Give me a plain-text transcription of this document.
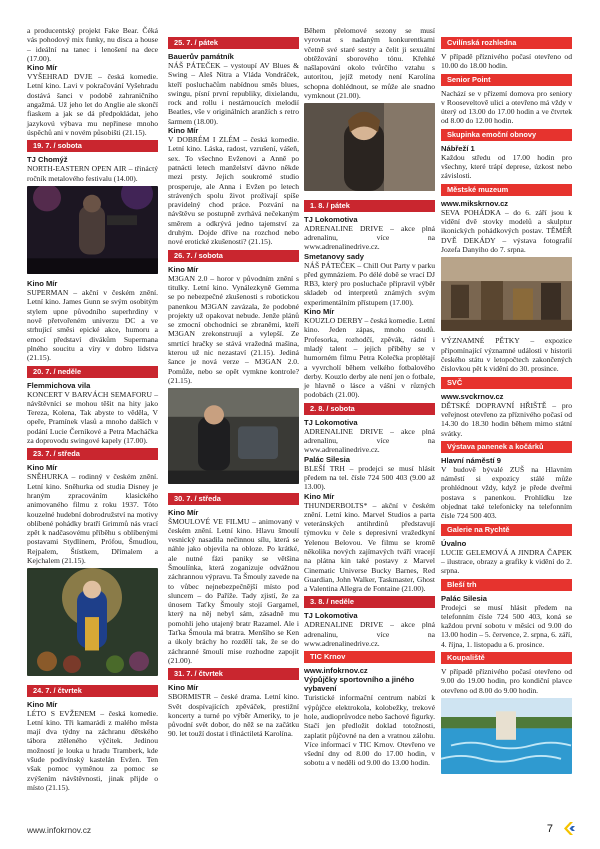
a producentský projekt Fake Bear. Čéká vás pohodový mix funky, nu disca a house – ideální na tanec i lenošení na dece (17.00).
Kino Mír
VYŠEHRAD DVJE – česká komedie. Letní kino. Lavi v pokračování Vyšehradu dostává šanci v podobě zahraničního angažmá. Už jeho let do Anglie ale skončí fiaskem a jak se dá předpokládat, jeho jazykovú výbava mu nepřinese mnoho úspěchů ani v novém působišti (21.15).
19. 7. / sobota
TJ Chomýž
NORTH-EASTERN OPEN AIR – třináctý ročník metalového festivalu (14.00).
Kino Mír
SUPERMAN – akční v českém znění. Letní kino. James Gunn se svým osobitým stylem upne původního superhrdiny v nově přetvořeném univerzu DC a ve strhující směsi epické akce, humoru a emocí představí divákům Supermana plného soucitu a víry v dobro lidstva (21.15).
20. 7. / neděle
Flemmichova vila
KONCERT V BARVÁCH SEMAFORU – návštěvníci se mohou těšit na hity jako Tereza, Kolena, Tak abyste to věděla, V opeře, Pramínek vlasů a mnoho dalších v podání Lucie Černíkové a Petra Macháčka za doprovodu swingové kapely (17.00).
23. 7. / středa
Kino Mír
SNĚHURKA – rodinný v českém znění. Letní kino. Sněhurka od studia Disney je hraným zpracováním klasického animovaného filmu z roku 1937. Tóto kouzelné hudební dobrodružství na motivy oblíbené pohádky bratří Grimmů nás vrací zpět k nadčasovému příběhu s oblíbenými postavami Stydlínem, Prófou, Šmudlou, Rejpalem, Štístkem, Dřímalem a Kejchalem (21.15).
24. 7. / čtvrtek
Kino Mír
LÉTO S EVŽENEM – česká komedie. Letní kino. Tři kamarádi z malého města mají dva týdny na záchranu dětského tábora ztěleného výčitek. Jedinou možností je louka u hradu Tramberk, kde všude podivínský kastelán Evžen. Ten však pomoc vyměnou za pomoc se zvýšením návštěvnosti, jinak přijde o místo (21.15).
25. 7. / pátek
Bauerův památník
NÁŠ PÁTEČEK – vystoupí AV Blues & Swing – Aleš Nitra a Vláda Vondráček, kteří posluchačům nabídnou směs blues, swingu, písní první republiky, dixielandu, rock and rollu i nestárnoucích melodií Beatles, vše v originálních aranžích s retro šarmem (18.00).
Kino Mír
V DOBRÉM I ZLÉM – česká komedie. Letní kino. Láska, radost, vzrušení, vášeň, sex. To všechno Evženovi a Anně po patnácti letech manželství dávno někde mezi prsty. Jejich soukromé studio prosperuje, ale Anna i Evžen po letech strávených spolu život prožívají spíše pravidelný chod práce. Pozvání na návštěvu se postupně zvrhává nečekaným směrem a odkrývá jedno tajemství za druhým. Dojde dříve na rozchod nebo nové erotické zkušenosti? (21.15).
26. 7. / sobota
Kino Mír
M3GAN 2.0 – horor v původním znění s titulky. Letní kino. Vynálezkyně Gemma se po nebezpečné zkušenosti s robotickou panenkou M3GAN zavázala, že podobné projekty už opakovat nebude. Jenže plánů se zmocní obchodníci se zbraněmi, kteří M3GAN zrekonstruují a vylepší. Ze smrtící hračky se stává vražedná mašina, kterou už nic nezastaví (21.15). Jediná šance je nová verze – M3GAN 2.0. Pomůže, nebo se opět vymkne kontrole? (21.15).
30. 7. / středa
Kino Mír
ŠMOULOVÉ VE FILMU – animovaný v českém znění. Letní kino. Hlavu šmoulí vesnický nasadila nečinnou sílu, která se náhle jako objevila na obloze. Po krátké, ale nutné fázi paniky se většina Šmoulínka, která zoganizuje odvážnou záchrannou výpravu. Ta Šmouly zavede na to vůbec nejnebezpečnější místo pod sluncem – do Paříže. Tady zjistí, že za únosem Taťky Šmouly stojí Gargamel, který na něj nebyl sám, zásadně mu pomohli jeho utajený bratr Razamel. Ale i Taťka Šmoula má bratra. Menšího se Ken a úkoly bráchy ho rozdělí tak, že se do záchranné šmoulí mise rozhodne zapojit (21.00).
31. 7. / čtvrtek
Kino Mír
SBORMISTR – české drama. Letní kino. Svět dospívajících zpěváček, prestižní koncerty a turné po výběr Ameriky, to je původní svět dobor, do něž se na začátku 90. let touží dostat i třináctiletá Karolína.
Během přelomové sezony se musí vyrovnat s nadaným konkurentkami včetně své staré sestry a čelit ji sexuální obtěžování sborového tónu. Křehké našlapování okolo tvůrčího vztahu s autoritou, jejíž metody není Karolína schopna dohlédnout, se může ale snadno vymknout (21.00).
1. 8. / pátek
TJ Lokomotiva
ADRENALINE DRIVE – akce plná adrenalinu, více na www.adrenalinedrive.cz.
Smetanovy sady
NÁŠ PÁTEČEK – Chill Out Party v parku před gymnáziem. Po délé době se vrací DJ RB3, který pro posluchače připravil výběr skladeb od interpretů známých svým experimentálním přístupem (17.00).
Kino Mír
KOUZLO DERBY – česká komedie. Letní kino. Jeden zápas, mnoho osudů. Profesorka, rozhodčí, zpěvák, rádní i mladý talent – jejich příběhy se v humorném filmu Petra Kolečka proplétají a vyvrcholí během velkého fotbalového derby. Kouzlo derby ale není jen o fotbale, je hlavně o lásce a vášni v různých podobách (21.00).
2. 8. / sobota
TJ Lokomotiva
ADRENALINE DRIVE – akce plná adrenalinu, více na www.adrenalinedrive.cz.
Palác Silesia
BLEŠÍ TRH – prodejci se musí hlásit předem na tel. čísle 724 500 403 (9.00 až 13.00).
Kino Mír
THUNDERBOLTS* – akční v českém znění. Letní kino. Marvel Studios a parta veteránských antihrdinů představují týmovku v čele s depresivní vražedkyní Yelenou Belovou. Ve filmu se kromě několika nových zajímavých tváří vracejí na plátna kin také postavy z Marvel Cinematic Universe Bucky Barnes, Red Guardian, John Walker, Taskmaster, Ghost a Valentina Allegra de Fontaine (21.00).
3. 8. / neděle
TJ Lokomotiva
ADRENALINE DRIVE – akce plná adrenalinu, více na www.adrenalinedrive.cz.
TIC Krnov
www.infokrnov.cz
Výpůjčky sportovního a jiného vybavení
Turistické informační centrum nabízí k výpůjčce elektrokola, kolobežky, trekové hole, audioprůvodce nebo šachové figurky. Stačí jen předložit doklad totožnosti, zaplatit půjčovné na den a vratnou zálohu. Více informací v TIC Krnov. Otevřeno ve všední dny od 8.00 do 17.00 hodin, v sobotu a v neděli od 9.00 do 13.00 hodin.
Cvilínská rozhledna
V případě příznivého počasí otevřeno od 10.00 do 18.00 hodin.
Senior Point
Nachází se v přízemí domova pro seniory v Rooseveltově ulici a otevřeno má vždy v úterý od 13.00 do 17.00 hodin a ve čtvrtek od 8.00 do 12.00 hodin.
Skupinka emoční obnovy
Nábřeží 1
Každou středu od 17.00 hodin pro všechny, které trápí deprese, úzkost nebo závislosti.
Městské muzeum
www.mikskrnov.cz
SEVA POHÁDKA – do 6. září jsou k vidění dvě stovky modelů a skulptur ikonických pohádkových postav. TĚMÉŘ DVĚ DEKÁDY – výstava fotografií Jozefa Danyiho do 7. srpna.
VÝZNAMNÉ PĚTKY – expozice připomínající významné události v historii českého státu v letopočtech zakončených číslovkou pět k vidění do 30. prosince.
SVČ
www.svckrnov.cz
DĚTSKÉ DOPRAVNÍ HŘIŠTĚ – pro veřejnost otevřeno za příznivého počasí od 14.30 do 18.30 hodin během mimo státní svátky.
Výstava panenek a kočárků
Hlavní náměstí 9
V budově bývalé ZUŠ na Hlavním náměstí si expozicy stálé může prohlédnout vždy, když je přede dveřmi postava s panenkou. Prohlídku lze objednat také telefonicky na telefonním čísle 724 500 403.
Galerie na Rychtě
Úvalno
LUCIE GELEMOVÁ A JINDRA ČAPEK – ilustrace, obrazy a grafiky k vidění do 2. srpna.
Bleší trh
Palác Silesia
Prodejci se musí hlásit předem na telefonním čísle 724 500 403, koná se každou první sobotu v měsíci od 9.00 do 13.00 hodin – 5. července, 2. srpna, 6. září, 4. října, 1. listopadu a 6. prosince.
Koupaliště
V případě příznivého počasí otevřeno od 9.00 do 19.00 hodin, pro kondiční plavce otevřeno od 8.00 do 9.00 hodin.
www.infokrnov.cz	7
